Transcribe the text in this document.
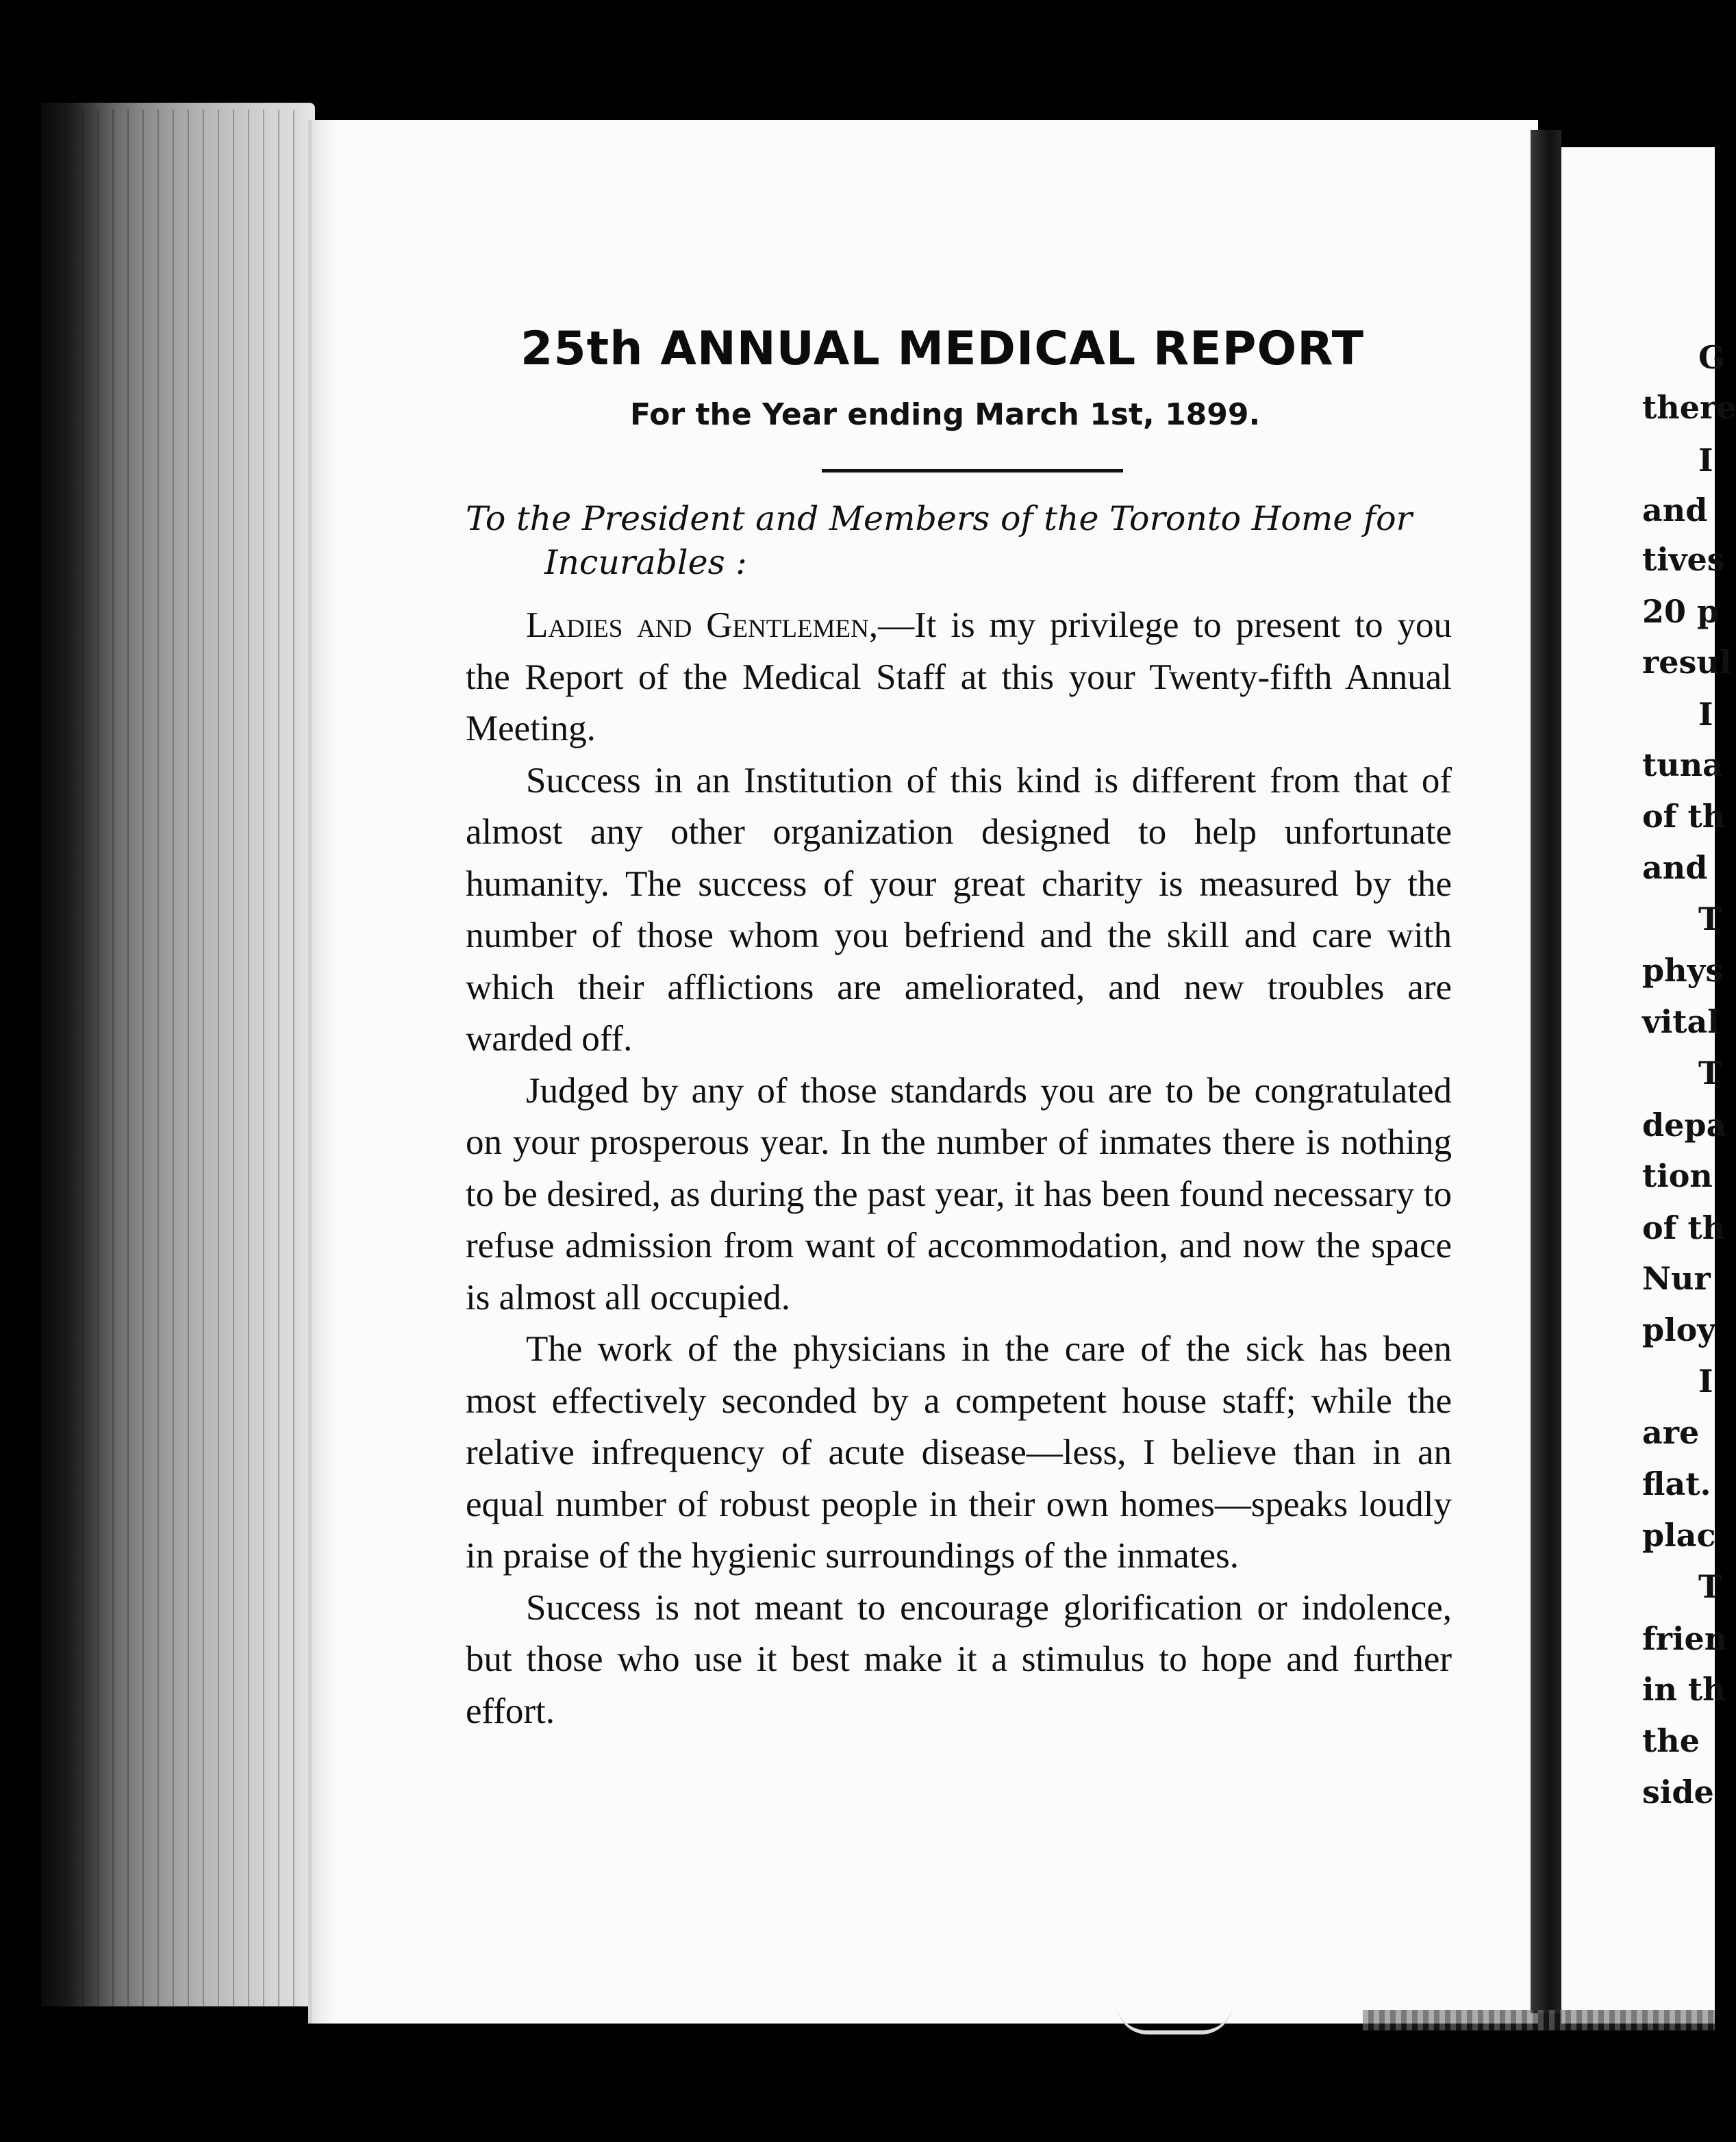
25th ANNUAL MEDICAL REPORT
For the Year ending March 1st, 1899.
To the President and Members of the Toronto Home for
Incurables :

Ladies and Gentlemen,—It is my privilege to present to you the Report of the Medical Staff at this your Twenty-fifth Annual Meeting.

Success in an Institution of this kind is different from that of almost any other organization designed to help unfortunate humanity. The success of your great charity is measured by the number of those whom you befriend and the skill and care with which their afflictions are ameliorated, and new troubles are warded off.

Judged by any of those standards you are to be congratulated on your prosperous year. In the number of inmates there is nothing to be desired, as during the past year, it has been found necessary to refuse admission from want of accommodation, and now the space is almost all occupied.

The work of the physicians in the care of the sick has been most effectively seconded by a competent house staff; while the relative infrequency of acute disease—less, I believe than in an equal number of robust people in their own homes—speaks loudly in praise of the hygienic surroundings of the inmates.

Success is not meant to encourage glorification or indolence, but those who use it best make it a stimulus to hope and further effort.

G
there
I
and
tives
20 p
resul
I
tuna
of th
and
T
phys
vital
T
depa
tion
of th
Nur
ploy
I
are
flat.
plac
T
frien
in th
the
side
